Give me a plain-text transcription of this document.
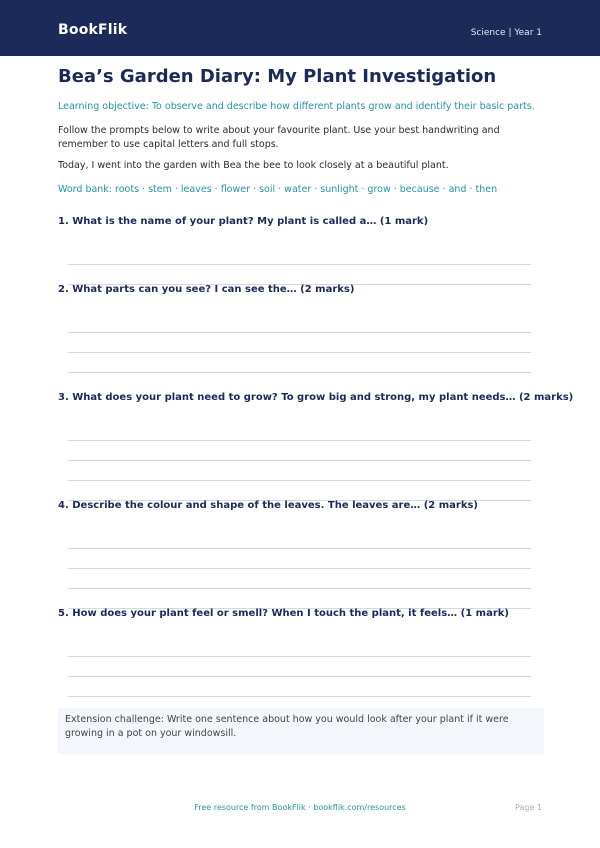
BookFlik	Science | Year 1
Bea’s Garden Diary: My Plant Investigation
Learning objective: To observe and describe how different plants grow and identify their basic parts.
Follow the prompts below to write about your favourite plant. Use your best handwriting and remember to use capital letters and full stops.
Today, I went into the garden with Bea the bee to look closely at a beautiful plant.
Word bank: roots · stem · leaves · flower · soil · water · sunlight · grow · because · and · then
1. What is the name of your plant? My plant is called a… (1 mark)
2. What parts can you see? I can see the… (2 marks)
3. What does your plant need to grow? To grow big and strong, my plant needs… (2 marks)
4. Describe the colour and shape of the leaves. The leaves are… (2 marks)
5. How does your plant feel or smell? When I touch the plant, it feels… (1 mark)
Extension challenge: Write one sentence about how you would look after your plant if it were growing in a pot on your windowsill.
Free resource from BookFlik · bookflik.com/resources	Page 1
